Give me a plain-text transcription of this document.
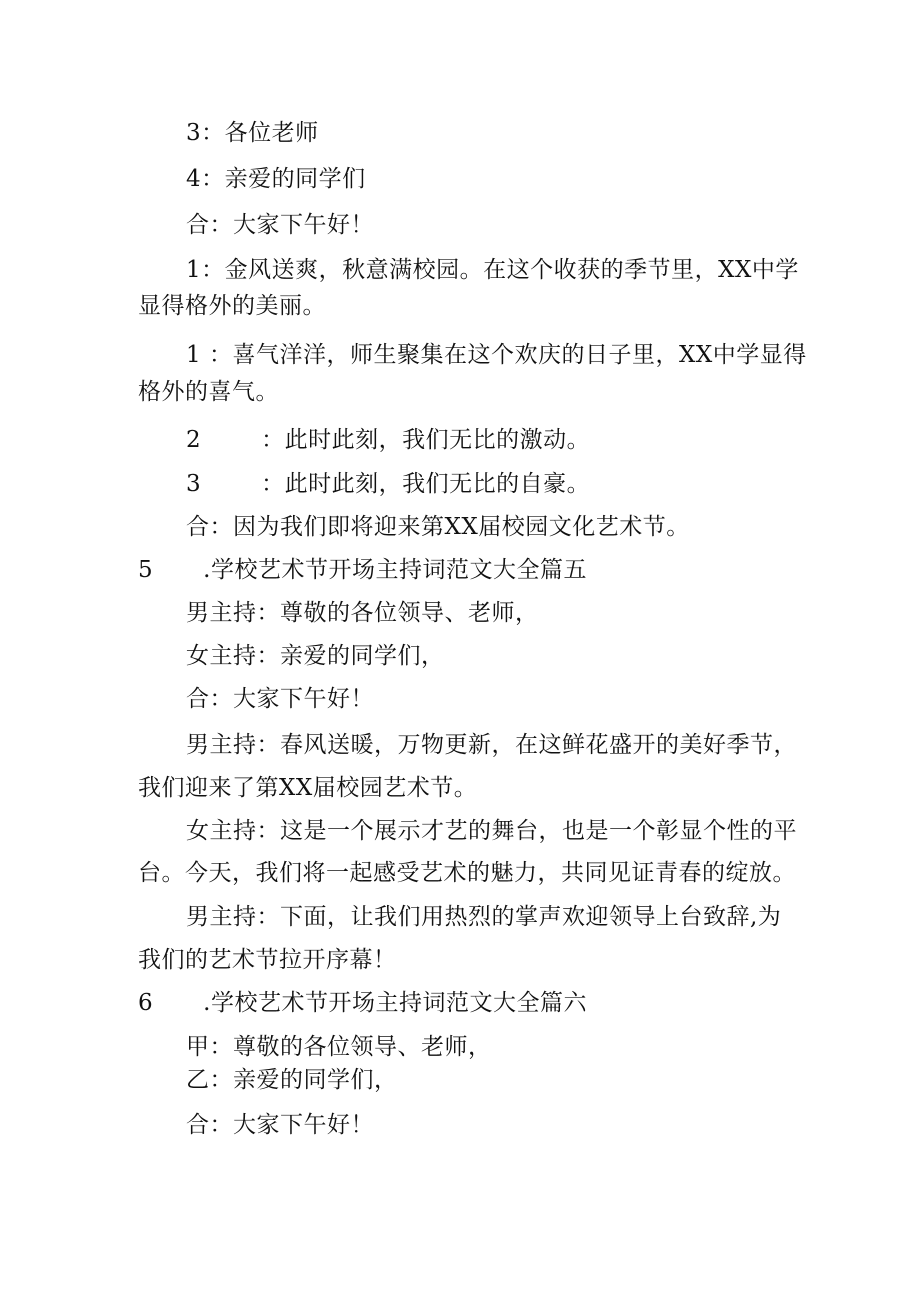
3：各位老师
4：亲爱的同学们
合：大家下午好！
1：金风送爽，秋意满校园。在这个收获的季节里，XX中学
显得格外的美丽。
1 ：喜气洋洋，师生聚集在这个欢庆的日子里，XX中学显得
格外的喜气。
2	：此时此刻，我们无比的激动。
3	：此时此刻，我们无比的自豪。
合：因为我们即将迎来第XX届校园文化艺术节。
5 .学校艺术节开场主持词范文大全篇五
男主持：尊敬的各位领导、老师，
女主持：亲爱的同学们，
合：大家下午好！
男主持：春风送暖，万物更新，在这鲜花盛开的美好季节，
我们迎来了第XX届校园艺术节。
女主持：这是一个展示才艺的舞台，也是一个彰显个性的平
台。今天，我们将一起感受艺术的魅力，共同见证青春的绽放。
男主持：下面，让我们用热烈的掌声欢迎领导上台致辞,为
我们的艺术节拉开序幕！
6 .学校艺术节开场主持词范文大全篇六
甲：尊敬的各位领导、老师，
乙：亲爱的同学们，
合：大家下午好！
